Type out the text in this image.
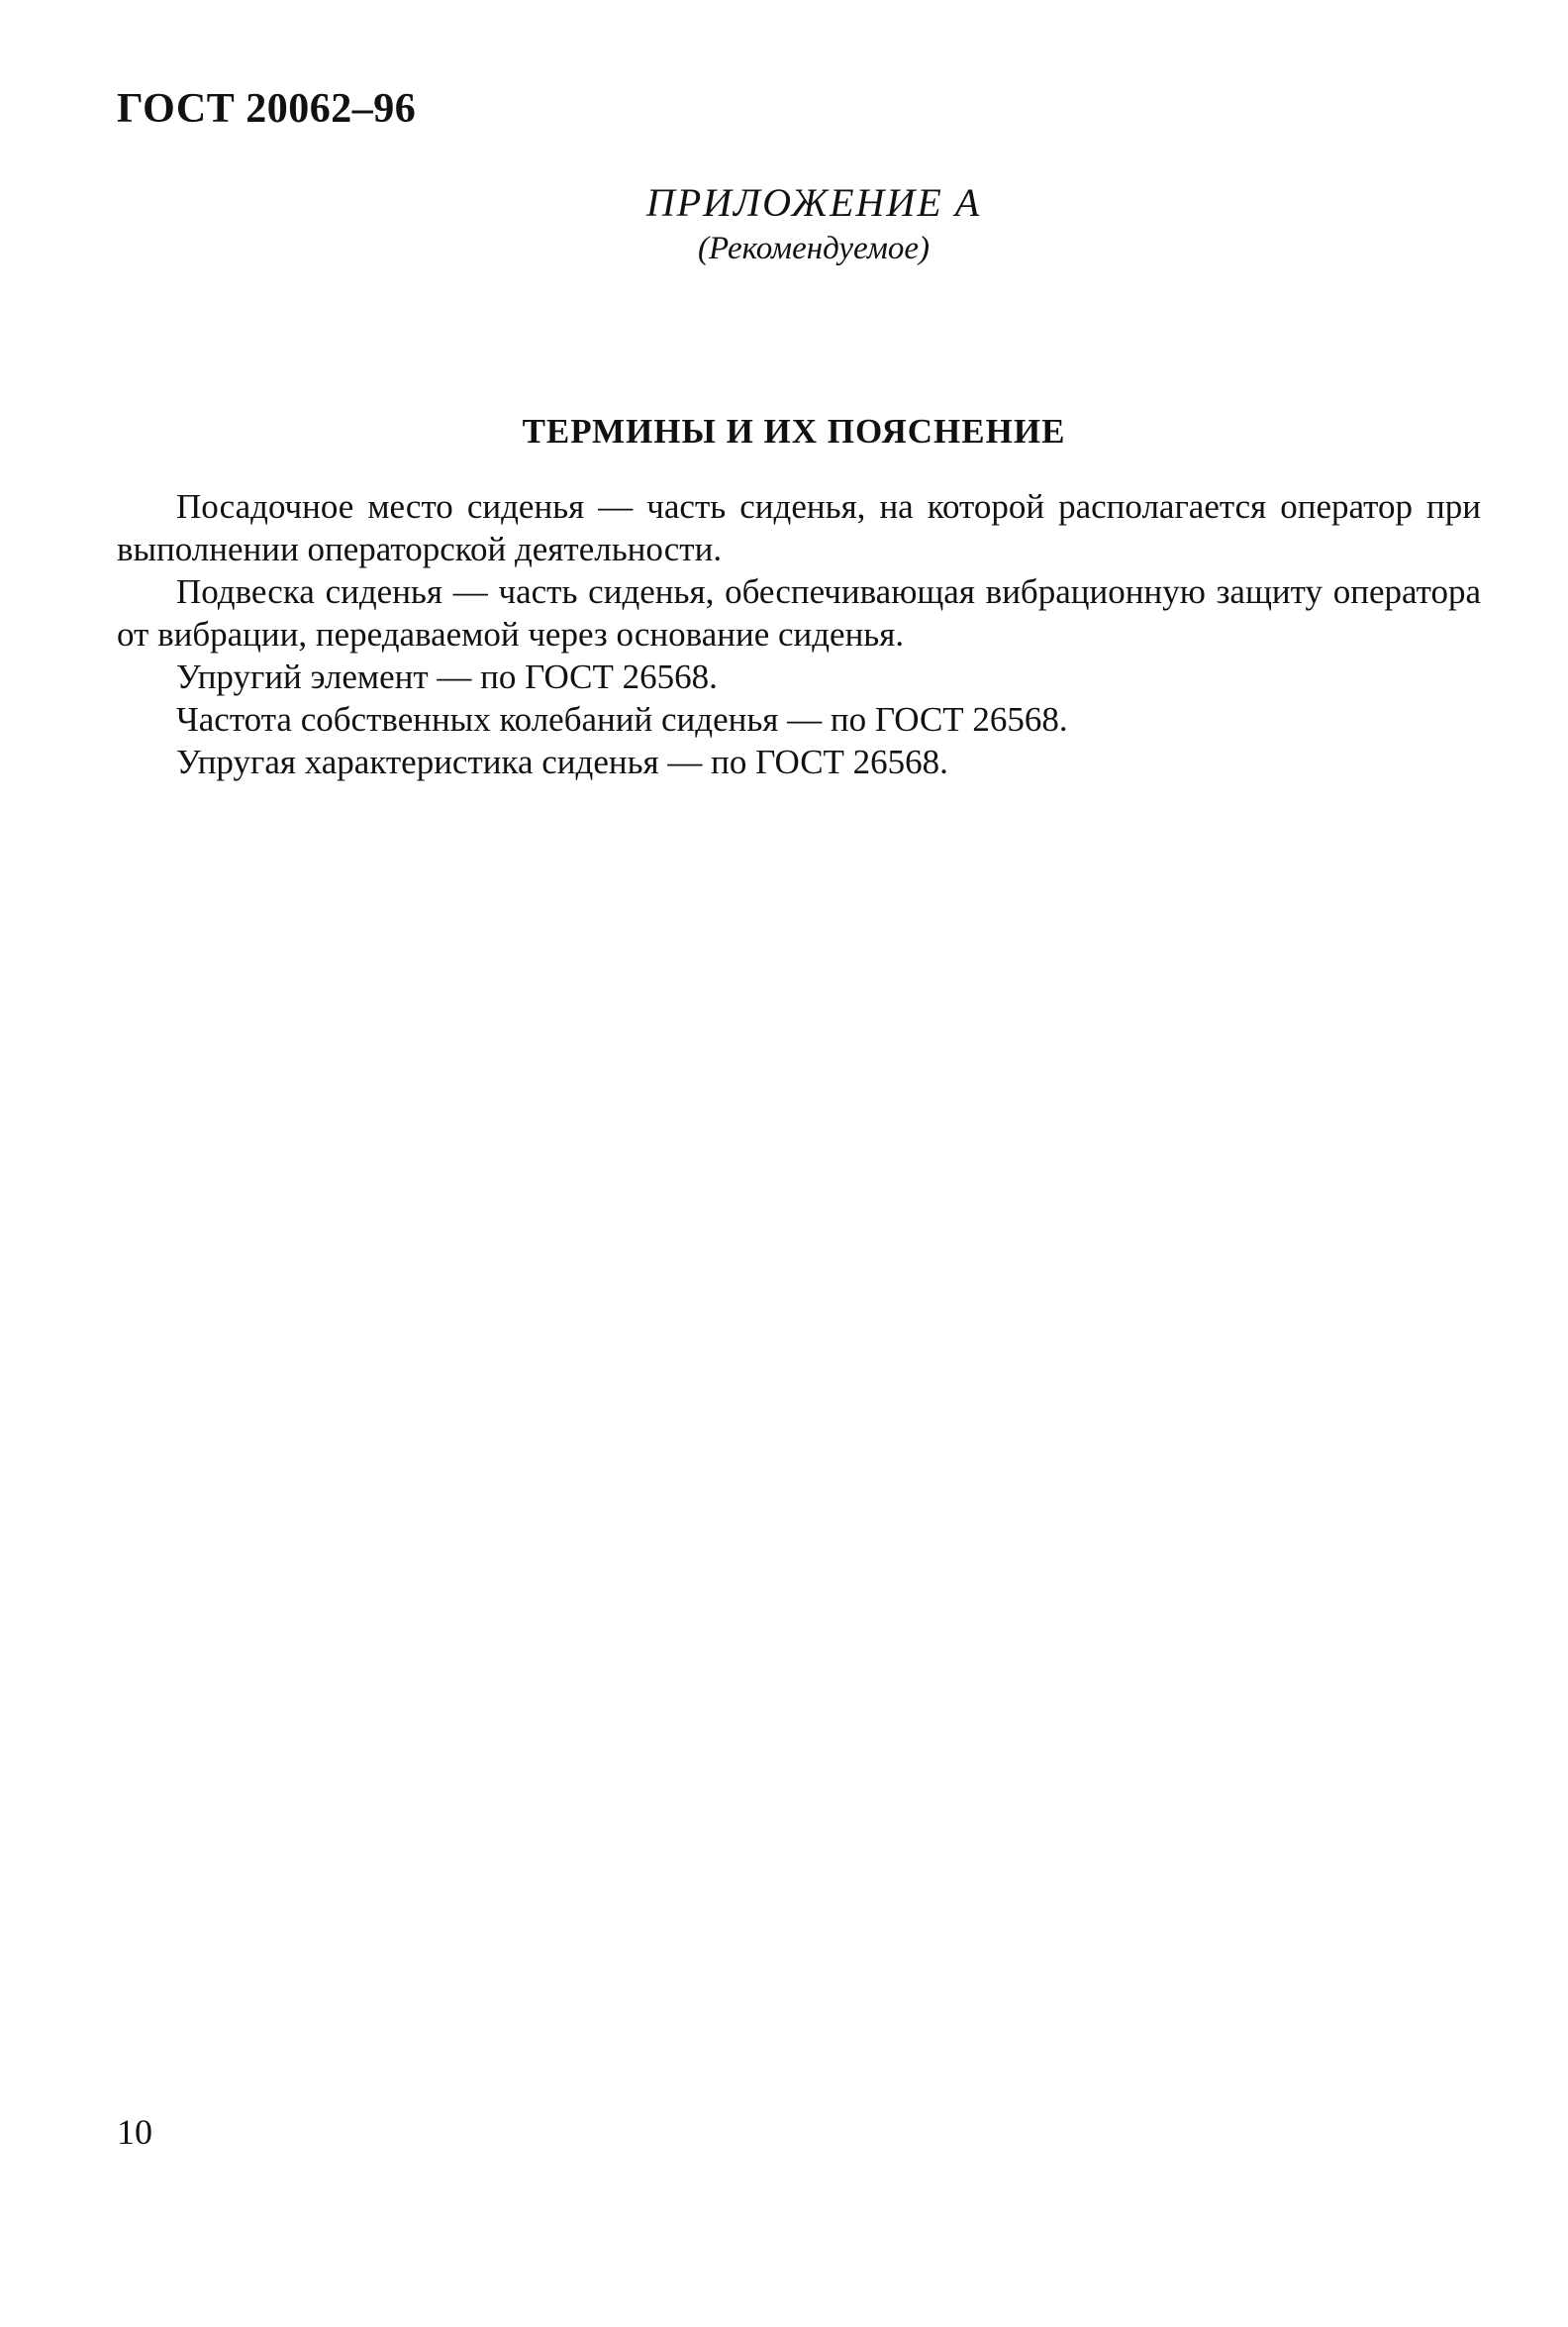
ГОСТ 20062–96
ПРИЛОЖЕНИЕ А
(Рекомендуемое)
ТЕРМИНЫ И ИХ ПОЯСНЕНИЕ

Посадочное место сиденья — часть сиденья, на которой располагается оператор при выполнении операторской деятельности.

Подвеска сиденья — часть сиденья, обеспечивающая вибрационную защиту оператора от вибрации, передаваемой через основание сиденья.

Упругий элемент — по ГОСТ 26568.

Частота собственных колебаний сиденья — по ГОСТ 26568.

Упругая характеристика сиденья — по ГОСТ 26568.

10
